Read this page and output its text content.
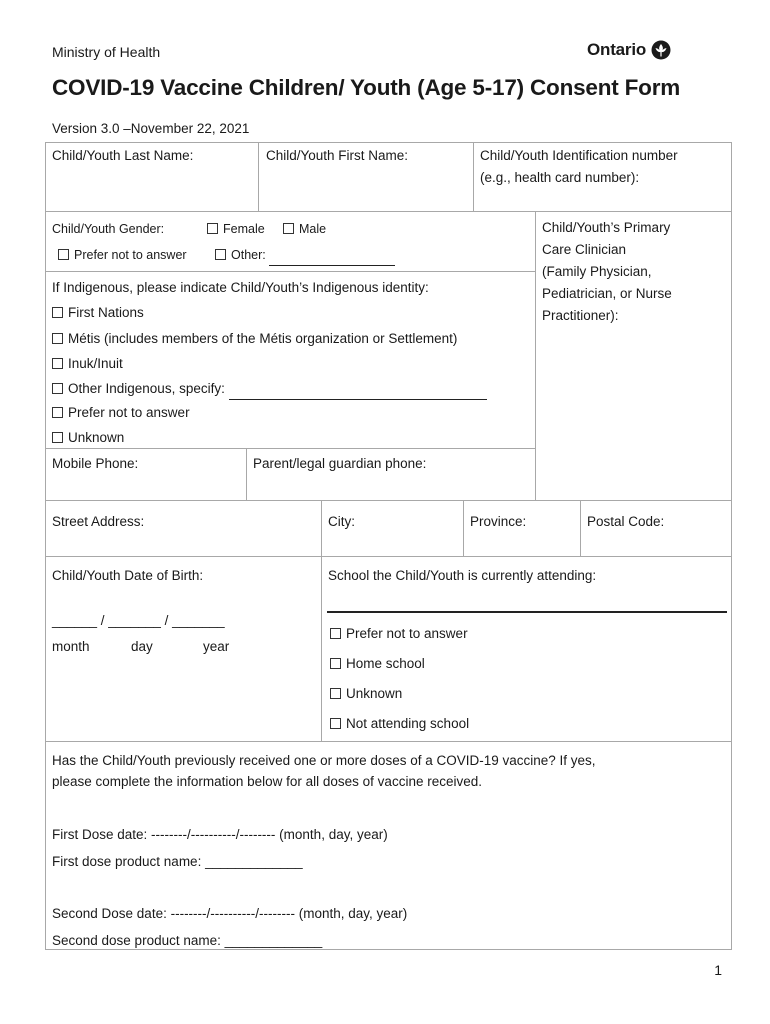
Ministry of Health	Ontario
COVID-19 Vaccine Children/ Youth (Age 5-17) Consent Form
Version 3.0 –November 22, 2021
Child/Youth Last Name:	Child/Youth First Name:	Child/Youth Identification number
(e.g., health card number):
Child/Youth Gender:	Female	Male
Prefer not to answer	Other:
Child/Youth’s Primary
Care Clinician
(Family Physician,
Pediatrician, or Nurse
Practitioner):
If Indigenous, please indicate Child/Youth’s Indigenous identity:
First Nations
Métis (includes members of the Métis organization or Settlement)
Inuk/Inuit
Other Indigenous, specify:
Prefer not to answer
Unknown
Mobile Phone:	Parent/legal guardian phone:
Street Address:	City:	Province:	Postal Code:
Child/Youth Date of Birth:
______ / _______ / _______
month	day	year
School the Child/Youth is currently attending:
Prefer not to answer
Home school
Unknown
Not attending school
Has the Child/Youth previously received one or more doses of a COVID-19 vaccine? If yes,
please complete the information below for all doses of vaccine received.
First Dose date: --------/----------/-------- (month, day, year)
First dose product name: _____________
Second Dose date: --------/----------/-------- (month, day, year)
Second dose product name: _____________
1
